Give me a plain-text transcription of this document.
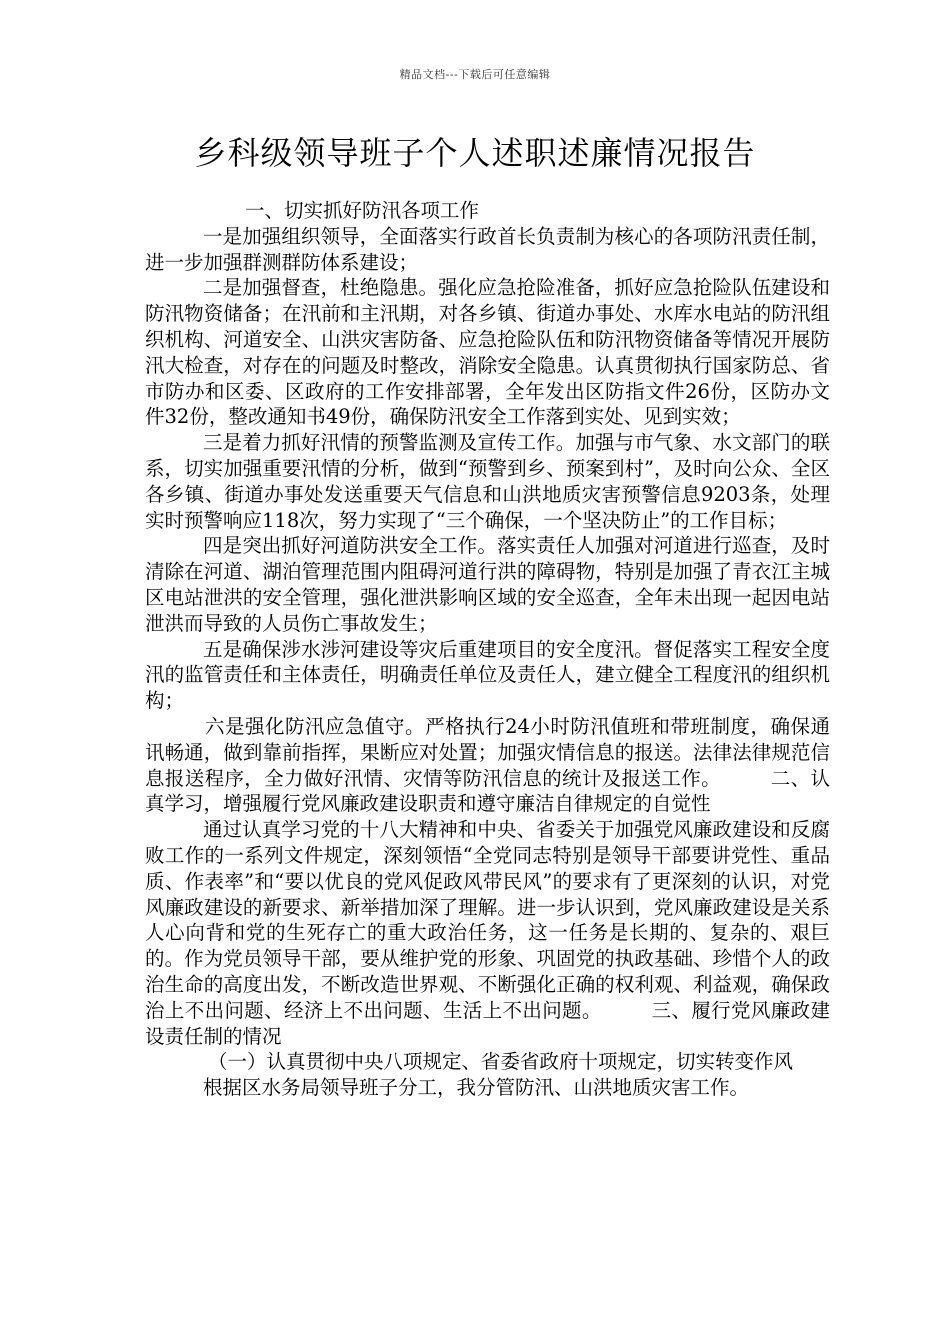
精品文档---下载后可任意编辑
乡科级领导班子个人述职述廉情况报告

一、切实抓好防汛各项工作

一是加强组织领导，全面落实行政首长负责制为核心的各项防汛责任制，进一步加强群测群防体系建设；

二是加强督查，杜绝隐患。强化应急抢险准备，抓好应急抢险队伍建设和防汛物资储备；在汛前和主汛期，对各乡镇、街道办事处、水库水电站的防汛组织机构、河道安全、山洪灾害防备、应急抢险队伍和防汛物资储备等情况开展防汛大检查，对存在的问题及时整改，消除安全隐患。认真贯彻执行国家防总、省市防办和区委、区政府的工作安排部署，全年发出区防指文件26份，区防办文件32份，整改通知书49份，确保防汛安全工作落到实处、见到实效；

三是着力抓好汛情的预警监测及宣传工作。加强与市气象、水文部门的联系，切实加强重要汛情的分析，做到“预警到乡、预案到村”，及时向公众、全区各乡镇、街道办事处发送重要天气信息和山洪地质灾害预警信息9203条，处理实时预警响应118次，努力实现了“三个确保，一个坚决防止”的工作目标；

四是突出抓好河道防洪安全工作。落实责任人加强对河道进行巡查，及时清除在河道、湖泊管理范围内阻碍河道行洪的障碍物，特别是加强了青衣江主城区电站泄洪的安全管理，强化泄洪影响区域的安全巡查，全年未出现一起因电站泄洪而导致的人员伤亡事故发生；

五是确保涉水涉河建设等灾后重建项目的安全度汛。督促落实工程安全度汛的监管责任和主体责任，明确责任单位及责任人，建立健全工程度汛的组织机构；

六是强化防汛应急值守。严格执行24小时防汛值班和带班制度，确保通讯畅通，做到靠前指挥，果断应对处置；加强灾情信息的报送。法律法律规范信息报送程序，全力做好汛情、灾情等防汛信息的统计及报送工作。　　　二、认真学习，增强履行党风廉政建设职责和遵守廉洁自律规定的自觉性

通过认真学习党的十八大精神和中央、省委关于加强党风廉政建设和反腐败工作的一系列文件规定，深刻领悟“全党同志特别是领导干部要讲党性、重品质、作表率”和“要以优良的党风促政风带民风”的要求有了更深刻的认识，对党风廉政建设的新要求、新举措加深了理解。进一步认识到，党风廉政建设是关系人心向背和党的生死存亡的重大政治任务，这一任务是长期的、复杂的、艰巨的。作为党员领导干部，要从维护党的形象、巩固党的执政基础、珍惜个人的政治生命的高度出发，不断改造世界观、不断强化正确的权利观、利益观，确保政治上不出问题、经济上不出问题、生活上不出问题。　　　三、履行党风廉政建设责任制的情况

（一）认真贯彻中央八项规定、省委省政府十项规定，切实转变作风

根据区水务局领导班子分工，我分管防汛、山洪地质灾害工作。
